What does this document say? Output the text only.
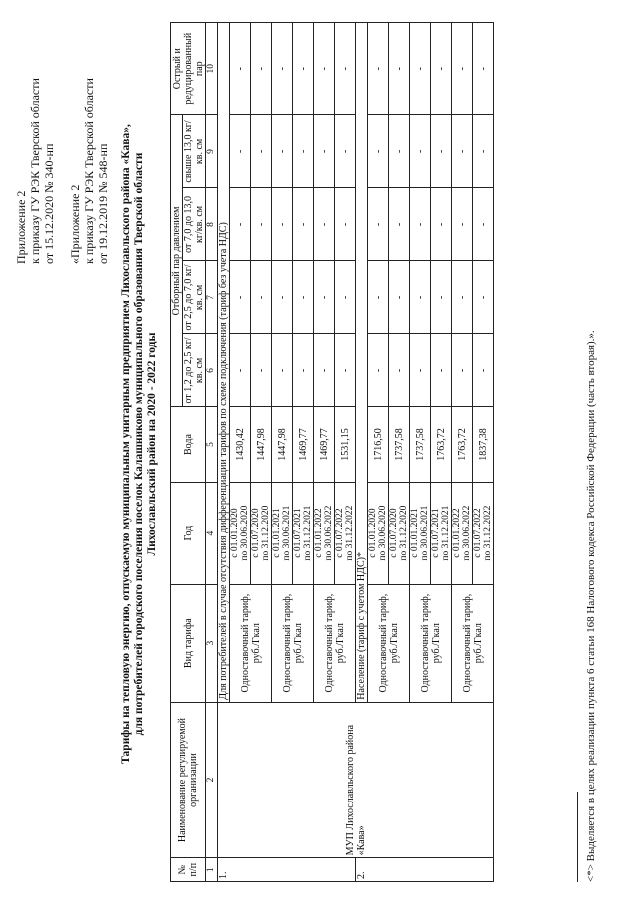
Приложение 2 к приказу ГУ РЭК Тверской области от 15.12.2020 № 340-нп «Приложение 2 к приказу ГУ РЭК Тверской области от 19.12.2019 № 548-нп Тарифы на тепловую энергию, отпускаемую муниципальным унитарным предприятием Лихославльского района «Кава», для потребителей городского поселения поселок Калашниково муниципального образования Тверской области Лихославльский район на 2020 - 2022 годы
№ п/п	Наименование регулируемой организации	Вид тарифа	Год	Вода	Отборный пар давлением				Острый и редуцированный пар
					от 1,2 до 2,5 кг/кв. см	от 2,5 до 7,0 кг/кв. см	от 7,0 до 13,0 кг/кв. см	свыше 13,0 кг/кв. см	
1	2	3	4	5	6	7	8	9	10
1.	МУП Лихославльского района «Кава»	Для потребителей в случае отсутствия дифференциации тарифов по схеме подключения (тариф без учета НДС)							
		Одноставочный тариф, руб./Гкал	с 01.01.2020 по 30.06.2020	1430,42	-	-	-	-	-

			с 01.07.2020 по 31.12.2020	1447,98	-	-	-	-	-
		Одноставочный тариф, руб./Гкал	с 01.01.2021 по 30.06.2021	1447,98	-	-	-	-	-

			с 01.07.2021 по 31.12.2021	1469,77	-	-	-	-	-
		Одноставочный тариф, руб./Гкал	с 01.01.2022 по 30.06.2022	1469,77	-	-	-	-	-

			с 01.07.2022 по 31.12.2022	1531,15	-	-	-	-	-
2.		Население (тариф с учетом НДС)*							
		Одноставочный тариф, руб./Гкал	с 01.01.2020 по 30.06.2020	1716,50	-	-	-	-	-

			с 01.07.2020 по 31.12.2020	1737,58	-	-	-	-	-
		Одноставочный тариф, руб./Гкал	с 01.01.2021 по 30.06.2021	1737,58	-	-	-	-	-

			с 01.07.2021 по 31.12.2021	1763,72	-	-	-	-	-
		Одноставочный тариф, руб./Гкал	с 01.01.2022 по 30.06.2022	1763,72	-	-	-	-	-

			с 01.07.2022 по 31.12.2022	1837,38	-	-	-	-	-
<*> Выделяется в целях реализации пункта 6 статьи 168 Налогового кодекса Российской Федерации (часть вторая).».
